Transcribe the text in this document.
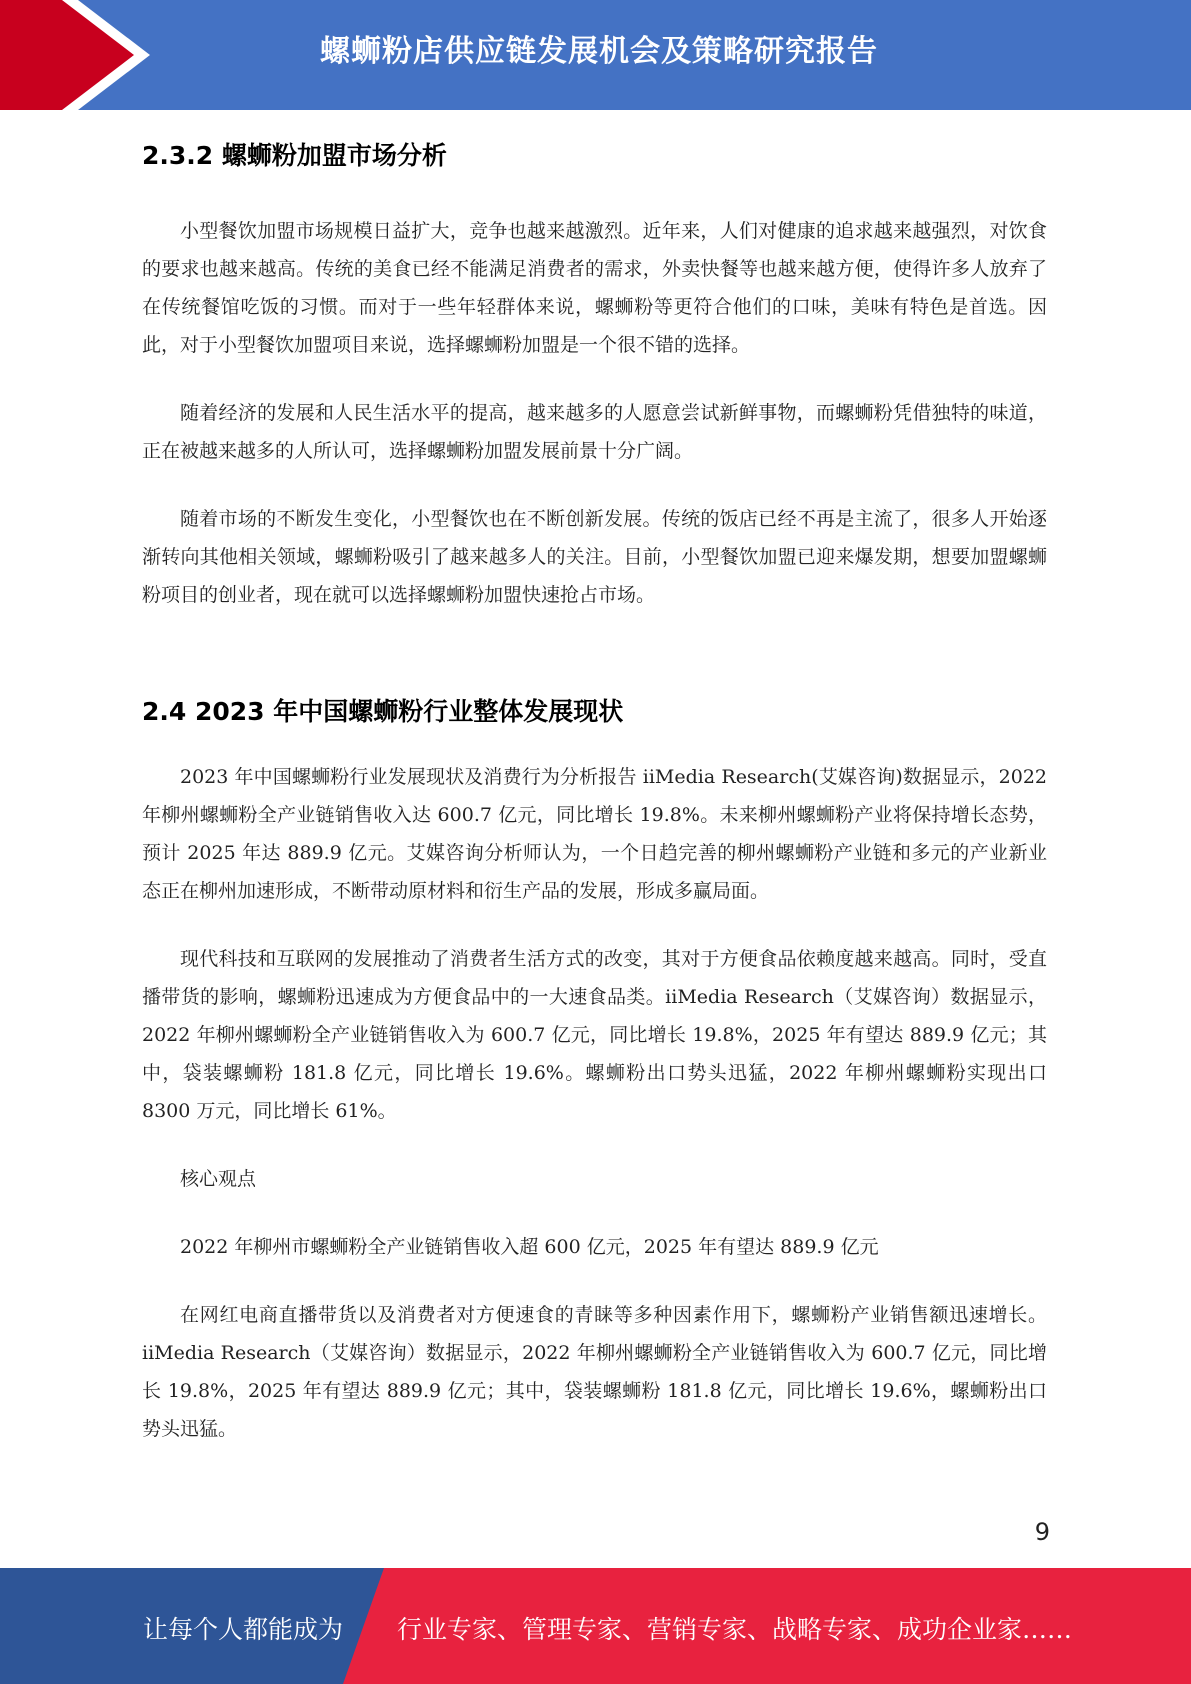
螺蛳粉店供应链发展机会及策略研究报告
2.3.2 螺蛳粉加盟市场分析

小型餐饮加盟市场规模日益扩大，竞争也越来越激烈。近年来，人们对健康的追求越来越强烈，对饮食的要求也越来越高。传统的美食已经不能满足消费者的需求，外卖快餐等也越来越方便，使得许多人放弃了在传统餐馆吃饭的习惯。而对于一些年轻群体来说，螺蛳粉等更符合他们的口味，美味有特色是首选。因此，对于小型餐饮加盟项目来说，选择螺蛳粉加盟是一个很不错的选择。

随着经济的发展和人民生活水平的提高，越来越多的人愿意尝试新鲜事物，而螺蛳粉凭借独特的味道，正在被越来越多的人所认可，选择螺蛳粉加盟发展前景十分广阔。

随着市场的不断发生变化，小型餐饮也在不断创新发展。传统的饭店已经不再是主流了，很多人开始逐渐转向其他相关领域，螺蛳粉吸引了越来越多人的关注。目前，小型餐饮加盟已迎来爆发期，想要加盟螺蛳粉项目的创业者，现在就可以选择螺蛳粉加盟快速抢占市场。

2.4 2023 年中国螺蛳粉行业整体发展现状

2023 年中国螺蛳粉行业发展现状及消费行为分析报告 iiMedia Research(艾媒咨询)数据显示，2022 年柳州螺蛳粉全产业链销售收入达 600.7 亿元，同比增长 19.8%。未来柳州螺蛳粉产业将保持增长态势，预计 2025 年达 889.9 亿元。艾媒咨询分析师认为，一个日趋完善的柳州螺蛳粉产业链和多元的产业新业态正在柳州加速形成，不断带动原材料和衍生产品的发展，形成多赢局面。

现代科技和互联网的发展推动了消费者生活方式的改变，其对于方便食品依赖度越来越高。同时，受直播带货的影响，螺蛳粉迅速成为方便食品中的一大速食品类。iiMedia Research（艾媒咨询）数据显示，2022 年柳州螺蛳粉全产业链销售收入为 600.7 亿元，同比增长 19.8%，2025 年有望达 889.9 亿元；其中，袋装螺蛳粉 181.8 亿元，同比增长 19.6%。螺蛳粉出口势头迅猛，2022 年柳州螺蛳粉实现出口 8300 万元，同比增长 61%。

核心观点

2022 年柳州市螺蛳粉全产业链销售收入超 600 亿元，2025 年有望达 889.9 亿元

在网红电商直播带货以及消费者对方便速食的青睐等多种因素作用下，螺蛳粉产业销售额迅速增长。iiMedia Research（艾媒咨询）数据显示，2022 年柳州螺蛳粉全产业链销售收入为 600.7 亿元，同比增长 19.8%，2025 年有望达 889.9 亿元；其中，袋装螺蛳粉 181.8 亿元，同比增长 19.6%，螺蛳粉出口势头迅猛。

9
让每个人都能成为 行业专家、管理专家、营销专家、战略专家、成功企业家……
